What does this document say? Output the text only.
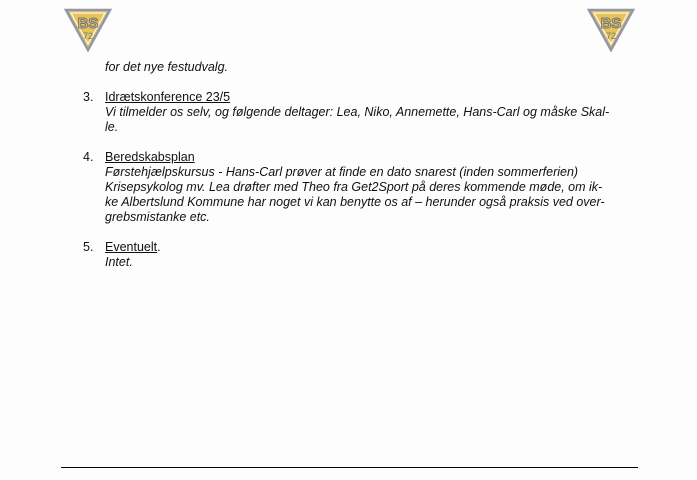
BS
72
BS
72
for det nye festudvalg.
3. Idrætskonference 23/5
Vi tilmelder os selv, og følgende deltager: Lea, Niko, Annemette, Hans-Carl og måske Skal-
le.
4. Beredskabsplan
Førstehjælpskursus - Hans-Carl prøver at finde en dato snarest (inden sommerferien)
Krisepsykolog mv. Lea drøfter med Theo fra Get2Sport på deres kommende møde, om ik-
ke Albertslund Kommune har noget vi kan benytte os af – herunder også praksis ved over-
grebsmistanke etc.
5. Eventuelt.
Intet.
